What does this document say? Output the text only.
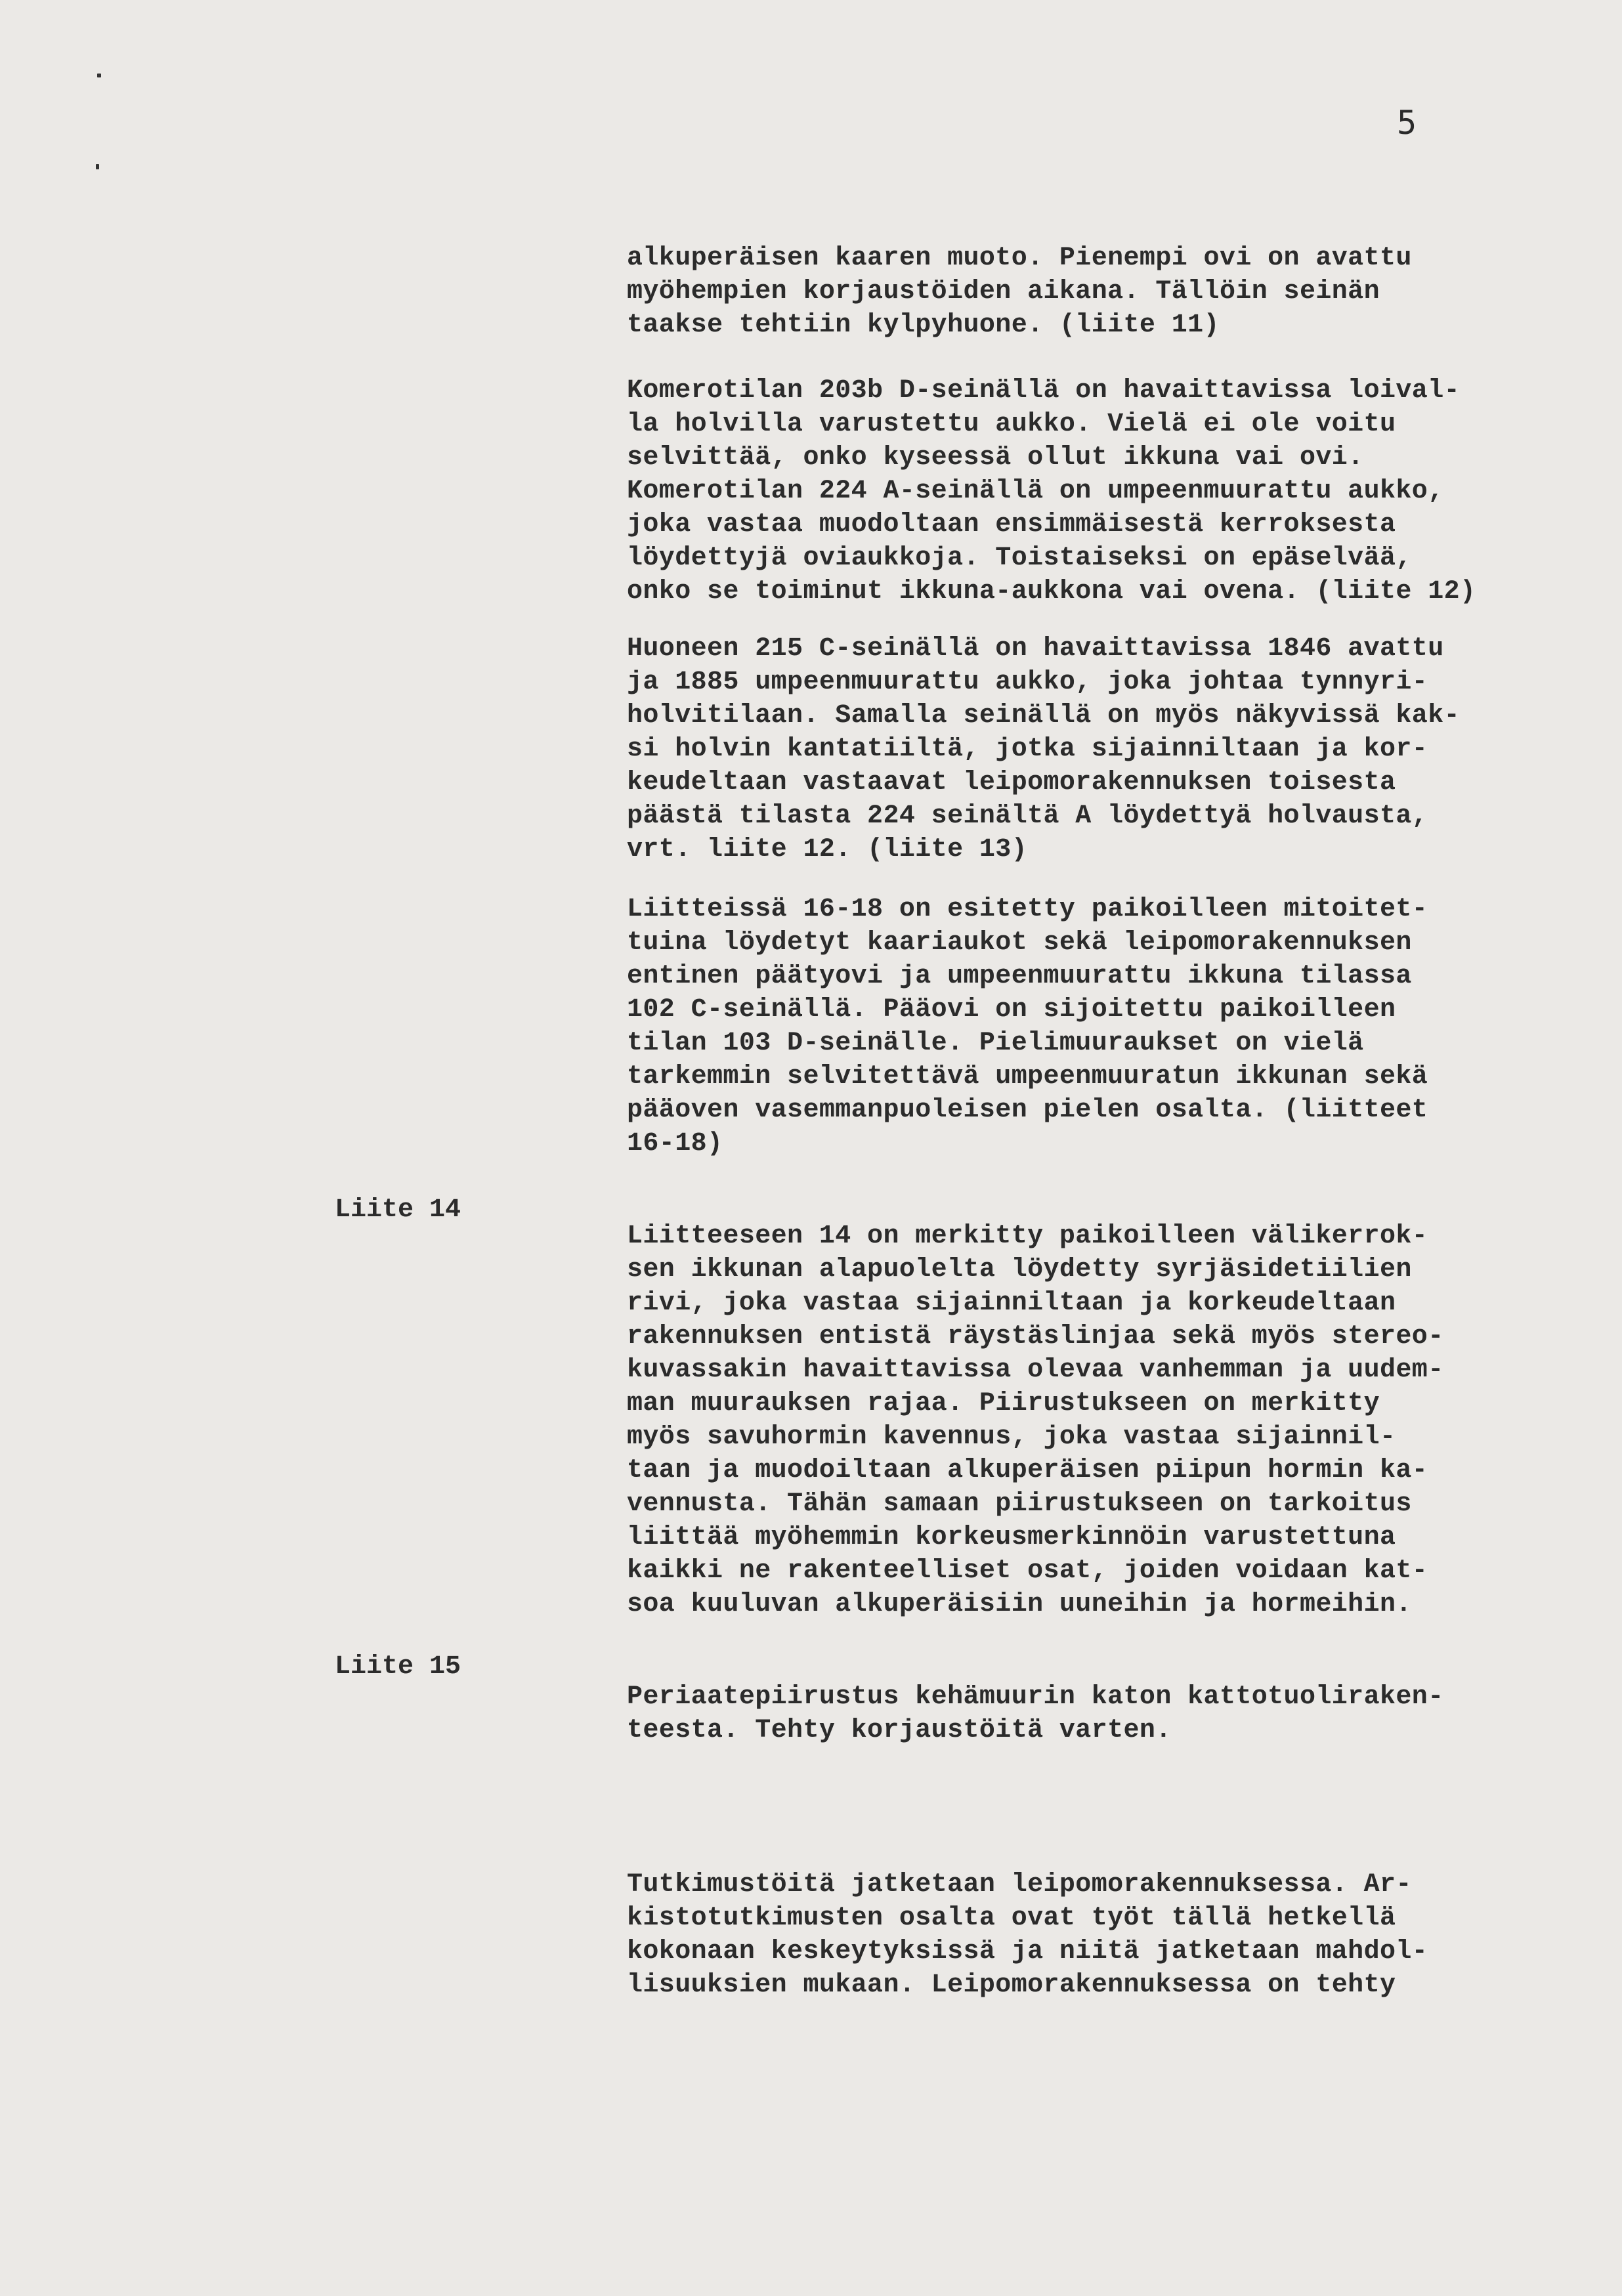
5

alkuperäisen kaaren muoto. Pienempi ovi on avattu
myöhempien korjaustöiden aikana. Tällöin seinän
taakse tehtiin kylpyhuone. (liite 11)

Komerotilan 203b D-seinällä on havaittavissa loival-
la holvilla varustettu aukko. Vielä ei ole voitu
selvittää, onko kyseessä ollut ikkuna vai ovi.
Komerotilan 224 A-seinällä on umpeenmuurattu aukko,
joka vastaa muodoltaan ensimmäisestä kerroksesta
löydettyjä oviaukkoja. Toistaiseksi on epäselvää,
onko se toiminut ikkuna-aukkona vai ovena. (liite 12)

Huoneen 215 C-seinällä on havaittavissa 1846 avattu
ja 1885 umpeenmuurattu aukko, joka johtaa tynnyri-
holvitilaan. Samalla seinällä on myös näkyvissä kak-
si holvin kantatiiltä, jotka sijainniltaan ja kor-
keudeltaan vastaavat leipomorakennuksen toisesta
päästä tilasta 224 seinältä A löydettyä holvausta,
vrt. liite 12. (liite 13)

Liitteissä 16-18 on esitetty paikoilleen mitoitet-
tuina löydetyt kaariaukot sekä leipomorakennuksen
entinen päätyovi ja umpeenmuurattu ikkuna tilassa
102 C-seinällä. Pääovi on sijoitettu paikoilleen
tilan 103 D-seinälle. Pielimuuraukset on vielä
tarkemmin selvitettävä umpeenmuuratun ikkunan sekä
pääoven vasemmanpuoleisen pielen osalta. (liitteet
16-18)

Liite 14

Liitteeseen 14 on merkitty paikoilleen välikerrok-
sen ikkunan alapuolelta löydetty syrjäsidetiilien
rivi, joka vastaa sijainniltaan ja korkeudeltaan
rakennuksen entistä räystäslinjaa sekä myös stereo-
kuvassakin havaittavissa olevaa vanhemman ja uudem-
man muurauksen rajaa. Piirustukseen on merkitty
myös savuhormin kavennus, joka vastaa sijainnil-
taan ja muodoiltaan alkuperäisen piipun hormin ka-
vennusta. Tähän samaan piirustukseen on tarkoitus
liittää myöhemmin korkeusmerkinnöin varustettuna
kaikki ne rakenteelliset osat, joiden voidaan kat-
soa kuuluvan alkuperäisiin uuneihin ja hormeihin.

Liite 15

Periaatepiirustus kehämuurin katon kattotuoliraken-
teesta. Tehty korjaustöitä varten.

Tutkimustöitä jatketaan leipomorakennuksessa. Ar-
kistotutkimusten osalta ovat työt tällä hetkellä
kokonaan keskeytyksissä ja niitä jatketaan mahdol-
lisuuksien mukaan. Leipomorakennuksessa on tehty
